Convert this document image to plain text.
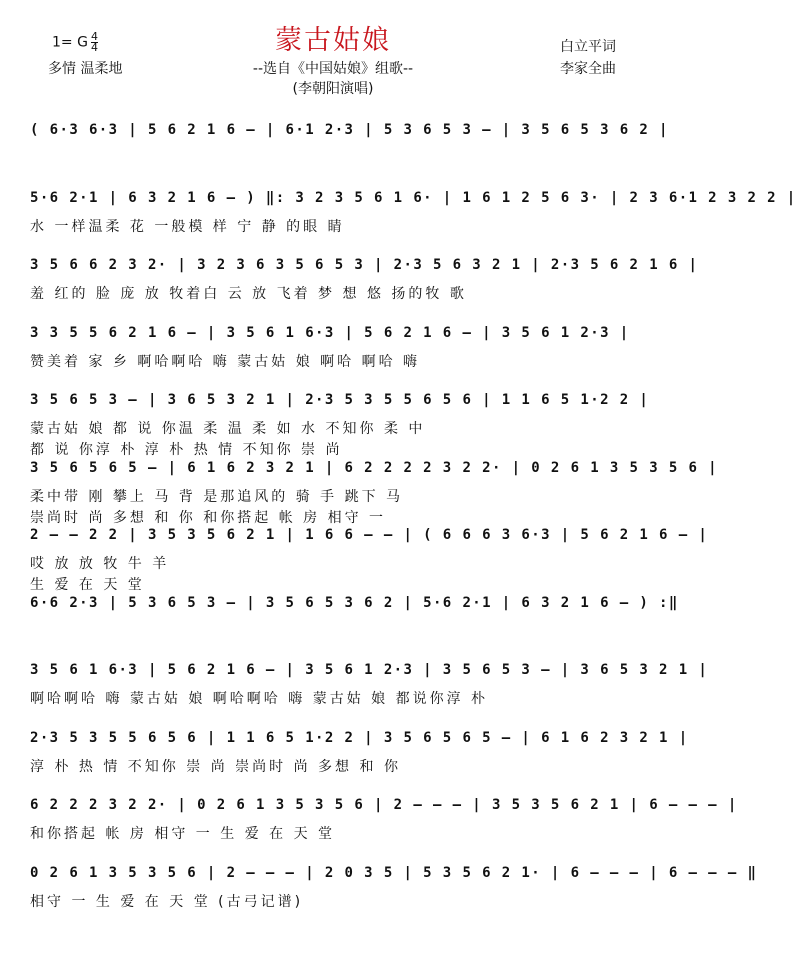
蒙古姑娘
1= G $\frac{4}{4}$
多情 温柔地
白立平词
李家全曲
--选自《中国姑娘》组歌--
(李朝阳演唱)
( 6·3 6·3 | 5 6 2 1 6 – | 6·1 2·3 | 5 3 6 5 3 – | 3 5 6 5 3 6 2 |
5·6 2·1 | 6 3 2 1 6 – ) ‖: 3 2 3 5 6 1 6· | 1 6 1 2 5 6 3· | 2 3 6·1 2 3 2 2 |
水 一样温柔 花 一般模 样 宁 静 的眼 睛
3 5 6 6 2 3 2· | 3 2 3 6 3 5 6 5 3 | 2·3 5 6 3 2 1 | 2·3 5 6 2 1 6 |
羞 红的 脸 庞 放 牧着白 云 放 飞着 梦 想 悠 扬的牧 歌
3 3 5 5 6 2 1 6 – | 3 5 6 1 6·3 | 5 6 2 1 6 – | 3 5 6 1 2·3 |
赞美着 家 乡 啊哈啊哈 嗨 蒙古姑 娘 啊哈 啊哈 嗨
3 5 6 5 3 – | 3 6 5 3 2 1 | 2·3 5 3 5 5 6 5 6 | 1 1 6 5 1·2 2 |
蒙古姑 娘 都 说 你温 柔 温 柔 如 水 不知你 柔 中
都 说 你淳 朴 淳 朴 热 情 不知你 崇 尚
3 5 6 5 6 5 – | 6 1 6 2 3 2 1 | 6 2 2 2 2 3 2 2· | 0 2 6 1 3 5 3 5 6 |
柔中带 刚 攀上 马 背 是那追风的 骑 手 跳下 马
崇尚时 尚 多想 和 你 和你搭起 帐 房 相守 一
2 – – 2 2 | 3 5 3 5 6 2 1 | 1 6 6 – – | ( 6 6 6 3 6·3 | 5 6 2 1 6 – |
哎 放 放 牧 牛 羊
生 爱 在 天 堂
6·6 2·3 | 5 3 6 5 3 – | 3 5 6 5 3 6 2 | 5·6 2·1 | 6 3 2 1 6 – ) :‖
3 5 6 1 6·3 | 5 6 2 1 6 – | 3 5 6 1 2·3 | 3 5 6 5 3 – | 3 6 5 3 2 1 |
啊哈啊哈 嗨 蒙古姑 娘 啊哈啊哈 嗨 蒙古姑 娘 都说你淳 朴
2·3 5 3 5 5 6 5 6 | 1 1 6 5 1·2 2 | 3 5 6 5 6 5 – | 6 1 6 2 3 2 1 |
淳 朴 热 情 不知你 崇 尚 崇尚时 尚 多想 和 你
6 2 2 2 3 2 2· | 0 2 6 1 3 5 3 5 6 | 2 – – – | 3 5 3 5 6 2 1 | 6 – – – |
和你搭起 帐 房 相守 一 生 爱 在 天 堂
0 2 6 1 3 5 3 5 6 | 2 – – – | 2 0 3 5 | 5 3 5 6 2 1· | 6 – – – | 6 – – – ‖
相守 一 生 爱 在 天 堂 (古弓记谱)
